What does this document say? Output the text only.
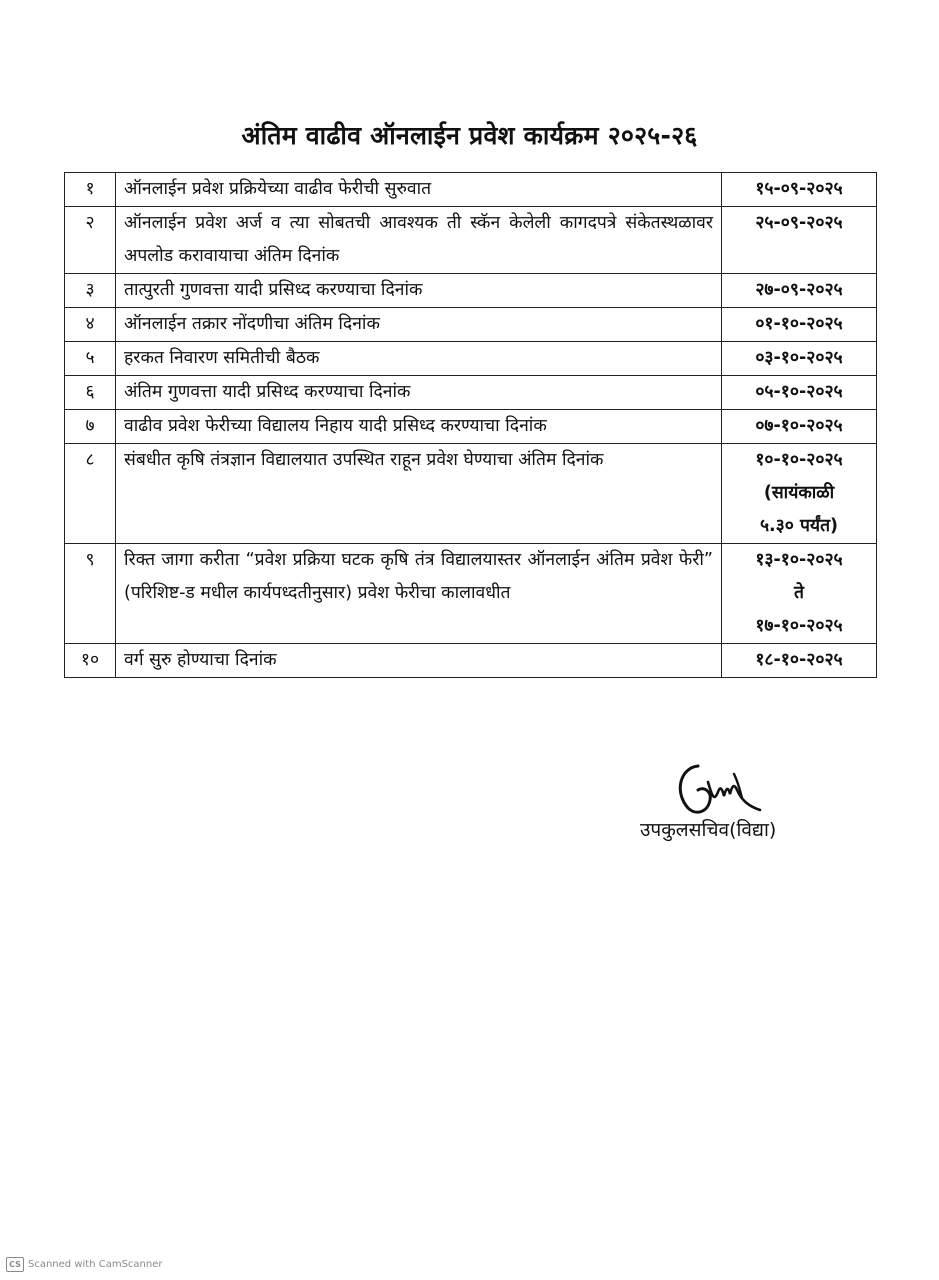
अंतिम वाढीव ऑनलाईन प्रवेश कार्यक्रम २०२५-२६
१	ऑनलाईन प्रवेश प्रक्रियेच्या वाढीव फेरीची सुरुवात	१५-०९-२०२५
२	ऑनलाईन प्रवेश अर्ज व त्या सोबतची आवश्यक ती स्कॅन केलेली कागदपत्रे संकेतस्थळावर अपलोड करावायाचा अंतिम दिनांक	२५-०९-२०२५
३	तात्पुरती गुणवत्ता यादी प्रसिध्द करण्याचा दिनांक	२७-०९-२०२५
४	ऑनलाईन तक्रार नोंदणीचा अंतिम दिनांक	०१-१०-२०२५
५	हरकत निवारण समितीची बैठक	०३-१०-२०२५
६	अंतिम गुणवत्ता यादी प्रसिध्द करण्याचा दिनांक	०५-१०-२०२५
७	वाढीव प्रवेश फेरीच्या विद्यालय निहाय यादी प्रसिध्द करण्याचा दिनांक	०७-१०-२०२५
८	संबधीत कृषि तंत्रज्ञान विद्यालयात उपस्थित राहून प्रवेश घेण्याचा अंतिम दिनांक	१०-१०-२०२५
(सायंकाळी
५.३० पर्यंत)

९	रिक्त जागा करीता “प्रवेश प्रक्रिया घटक कृषि तंत्र विद्यालयास्तर ऑनलाईन अंतिम प्रवेश फेरी” (परिशिष्ट-ड मधील कार्यपध्दतीनुसार) प्रवेश फेरीचा कालावधीत	१३-१०-२०२५
ते
१७-१०-२०२५

१०	वर्ग सुरु होण्याचा दिनांक	१८-१०-२०२५

उपकुलसचिव(विद्या)

CS Scanned with CamScanner
